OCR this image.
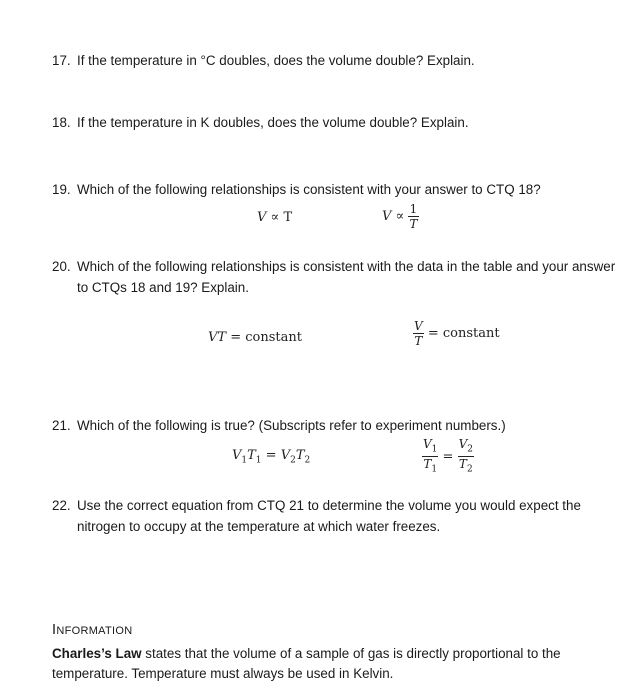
17. If the temperature in °C doubles, does the volume double? Explain.
18. If the temperature in K doubles, does the volume double? Explain.
19. Which of the following relationships is consistent with your answer to CTQ 18?
V ∝ T	$V \propto \frac{1}{T}$
20. Which of the following relationships is consistent with the data in the table and your answer
to CTQs 18 and 19? Explain.
VT = constant	$\frac{V}{T}$ = constant
21. Which of the following is true? (Subscripts refer to experiment numbers.)
$V_1T_1 = V_2T_2$	$\frac{V_1}{T_1} = \frac{V_2}{T_2}$
22. Use the correct equation from CTQ 21 to determine the volume you would expect the
nitrogen to occupy at the temperature at which water freezes.
INFORMATION
Charles’s Law states that the volume of a sample of gas is directly proportional to the
temperature. Temperature must always be used in Kelvin.
